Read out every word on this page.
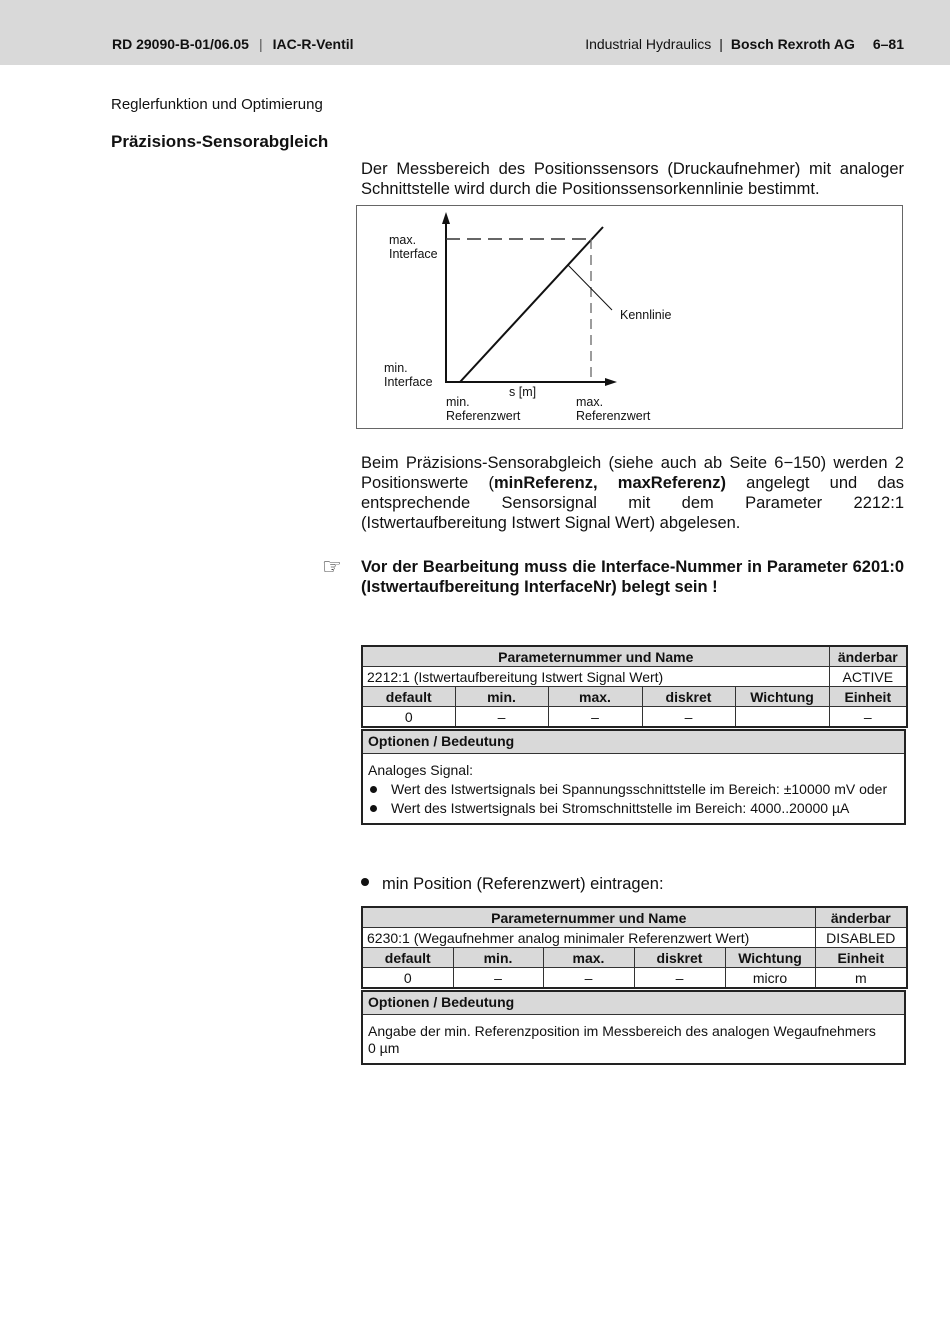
RD 29090-B-01/06.05 | IAC-R-Ventil	Industrial Hydraulics | Bosch Rexroth AG 6–81
Reglerfunktion und Optimierung
Präzisions-Sensorabgleich
Der Messbereich des Positionssensors (Druckaufnehmer) mit analoger Schnittstelle wird durch die Positionssensorkennlinie bestimmt.
max.
Interface
min.
Interface
s [m]
min.
Referenzwert
max.
Referenzwert
Kennlinie
Beim Präzisions-Sensorabgleich (siehe auch ab Seite 6−150) werden 2 Positionswerte (minReferenz, maxReferenz) angelegt und das entsprechende Sensorsignal mit dem Parameter 2212:1 (Istwertaufbereitung Istwert Signal Wert) abgelesen.
☞ Vor der Bearbeitung muss die Interface-Nummer in Parameter 6201:0 (Istwertaufbereitung InterfaceNr) belegt sein !
Parameternummer und Name					änderbar
2212:1 (Istwertaufbereitung Istwert Signal Wert)					ACTIVE
default	min.	max.	diskret	Wichtung	Einheit
0	–	–	–		–
Optionen / Bedeutung
Analoges Signal:
Wert des Istwertsignals bei Spannungsschnittstelle im Bereich: ±10000 mV oder
Wert des Istwertsignals bei Stromschnittstelle im Bereich: 4000..20000 µA
min Position (Referenzwert) eintragen:
Parameternummer und Name					änderbar
6230:1 (Wegaufnehmer analog minimaler Referenzwert Wert)					DISABLED
default	min.	max.	diskret	Wichtung	Einheit
0	–	–	–	micro	m
Optionen / Bedeutung
Angabe der min. Referenzposition im Messbereich des analogen Wegaufnehmers
0 µm
